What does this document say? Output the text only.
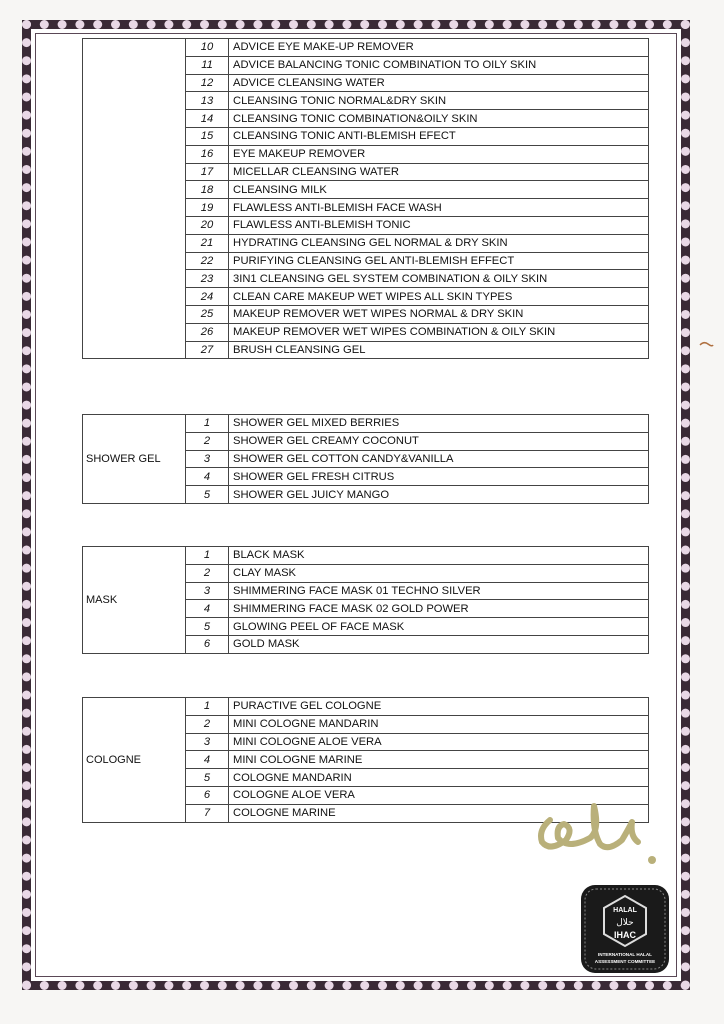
	10	ADVICE EYE MAKE-UP REMOVER
	11	ADVICE BALANCING TONIC COMBINATION TO OILY SKIN
	12	ADVICE CLEANSING WATER
	13	CLEANSING TONIC NORMAL&DRY SKIN
	14	CLEANSING TONIC COMBINATION&OILY SKIN
	15	CLEANSING TONIC ANTI-BLEMISH EFECT
	16	EYE MAKEUP REMOVER
	17	MICELLAR CLEANSING WATER
	18	CLEANSING MILK
	19	FLAWLESS ANTI-BLEMISH FACE WASH
	20	FLAWLESS ANTI-BLEMISH TONIC
	21	HYDRATING CLEANSING GEL NORMAL & DRY SKIN
	22	PURIFYING CLEANSING GEL ANTI-BLEMISH EFFECT
	23	3IN1 CLEANSING GEL SYSTEM COMBINATION & OILY SKIN
	24	CLEAN CARE MAKEUP WET WIPES ALL SKIN TYPES
	25	MAKEUP REMOVER WET WIPES NORMAL & DRY SKIN
	26	MAKEUP REMOVER WET WIPES COMBINATION & OILY SKIN
	27	BRUSH CLEANSING GEL
SHOWER GEL	1	SHOWER GEL MIXED BERRIES
	2	SHOWER GEL CREAMY COCONUT
	3	SHOWER GEL COTTON CANDY&VANILLA
	4	SHOWER GEL FRESH CITRUS
	5	SHOWER GEL JUICY MANGO
MASK	1	BLACK MASK
	2	CLAY MASK
	3	SHIMMERING FACE MASK 01 TECHNO SILVER
	4	SHIMMERING FACE MASK 02 GOLD POWER
	5	GLOWING PEEL OF FACE MASK
	6	GOLD MASK
COLOGNE	1	PURACTIVE GEL COLOGNE
	2	MINI COLOGNE MANDARIN
	3	MINI COLOGNE ALOE VERA
	4	MINI COLOGNE MARINE
	5	COLOGNE MANDARIN
	6	COLOGNE ALOE VERA
	7	COLOGNE MARINE
HALAL
حلال
IHAC
INTERNATIONAL HALAL
ASSESSMENT COMMITTEE
